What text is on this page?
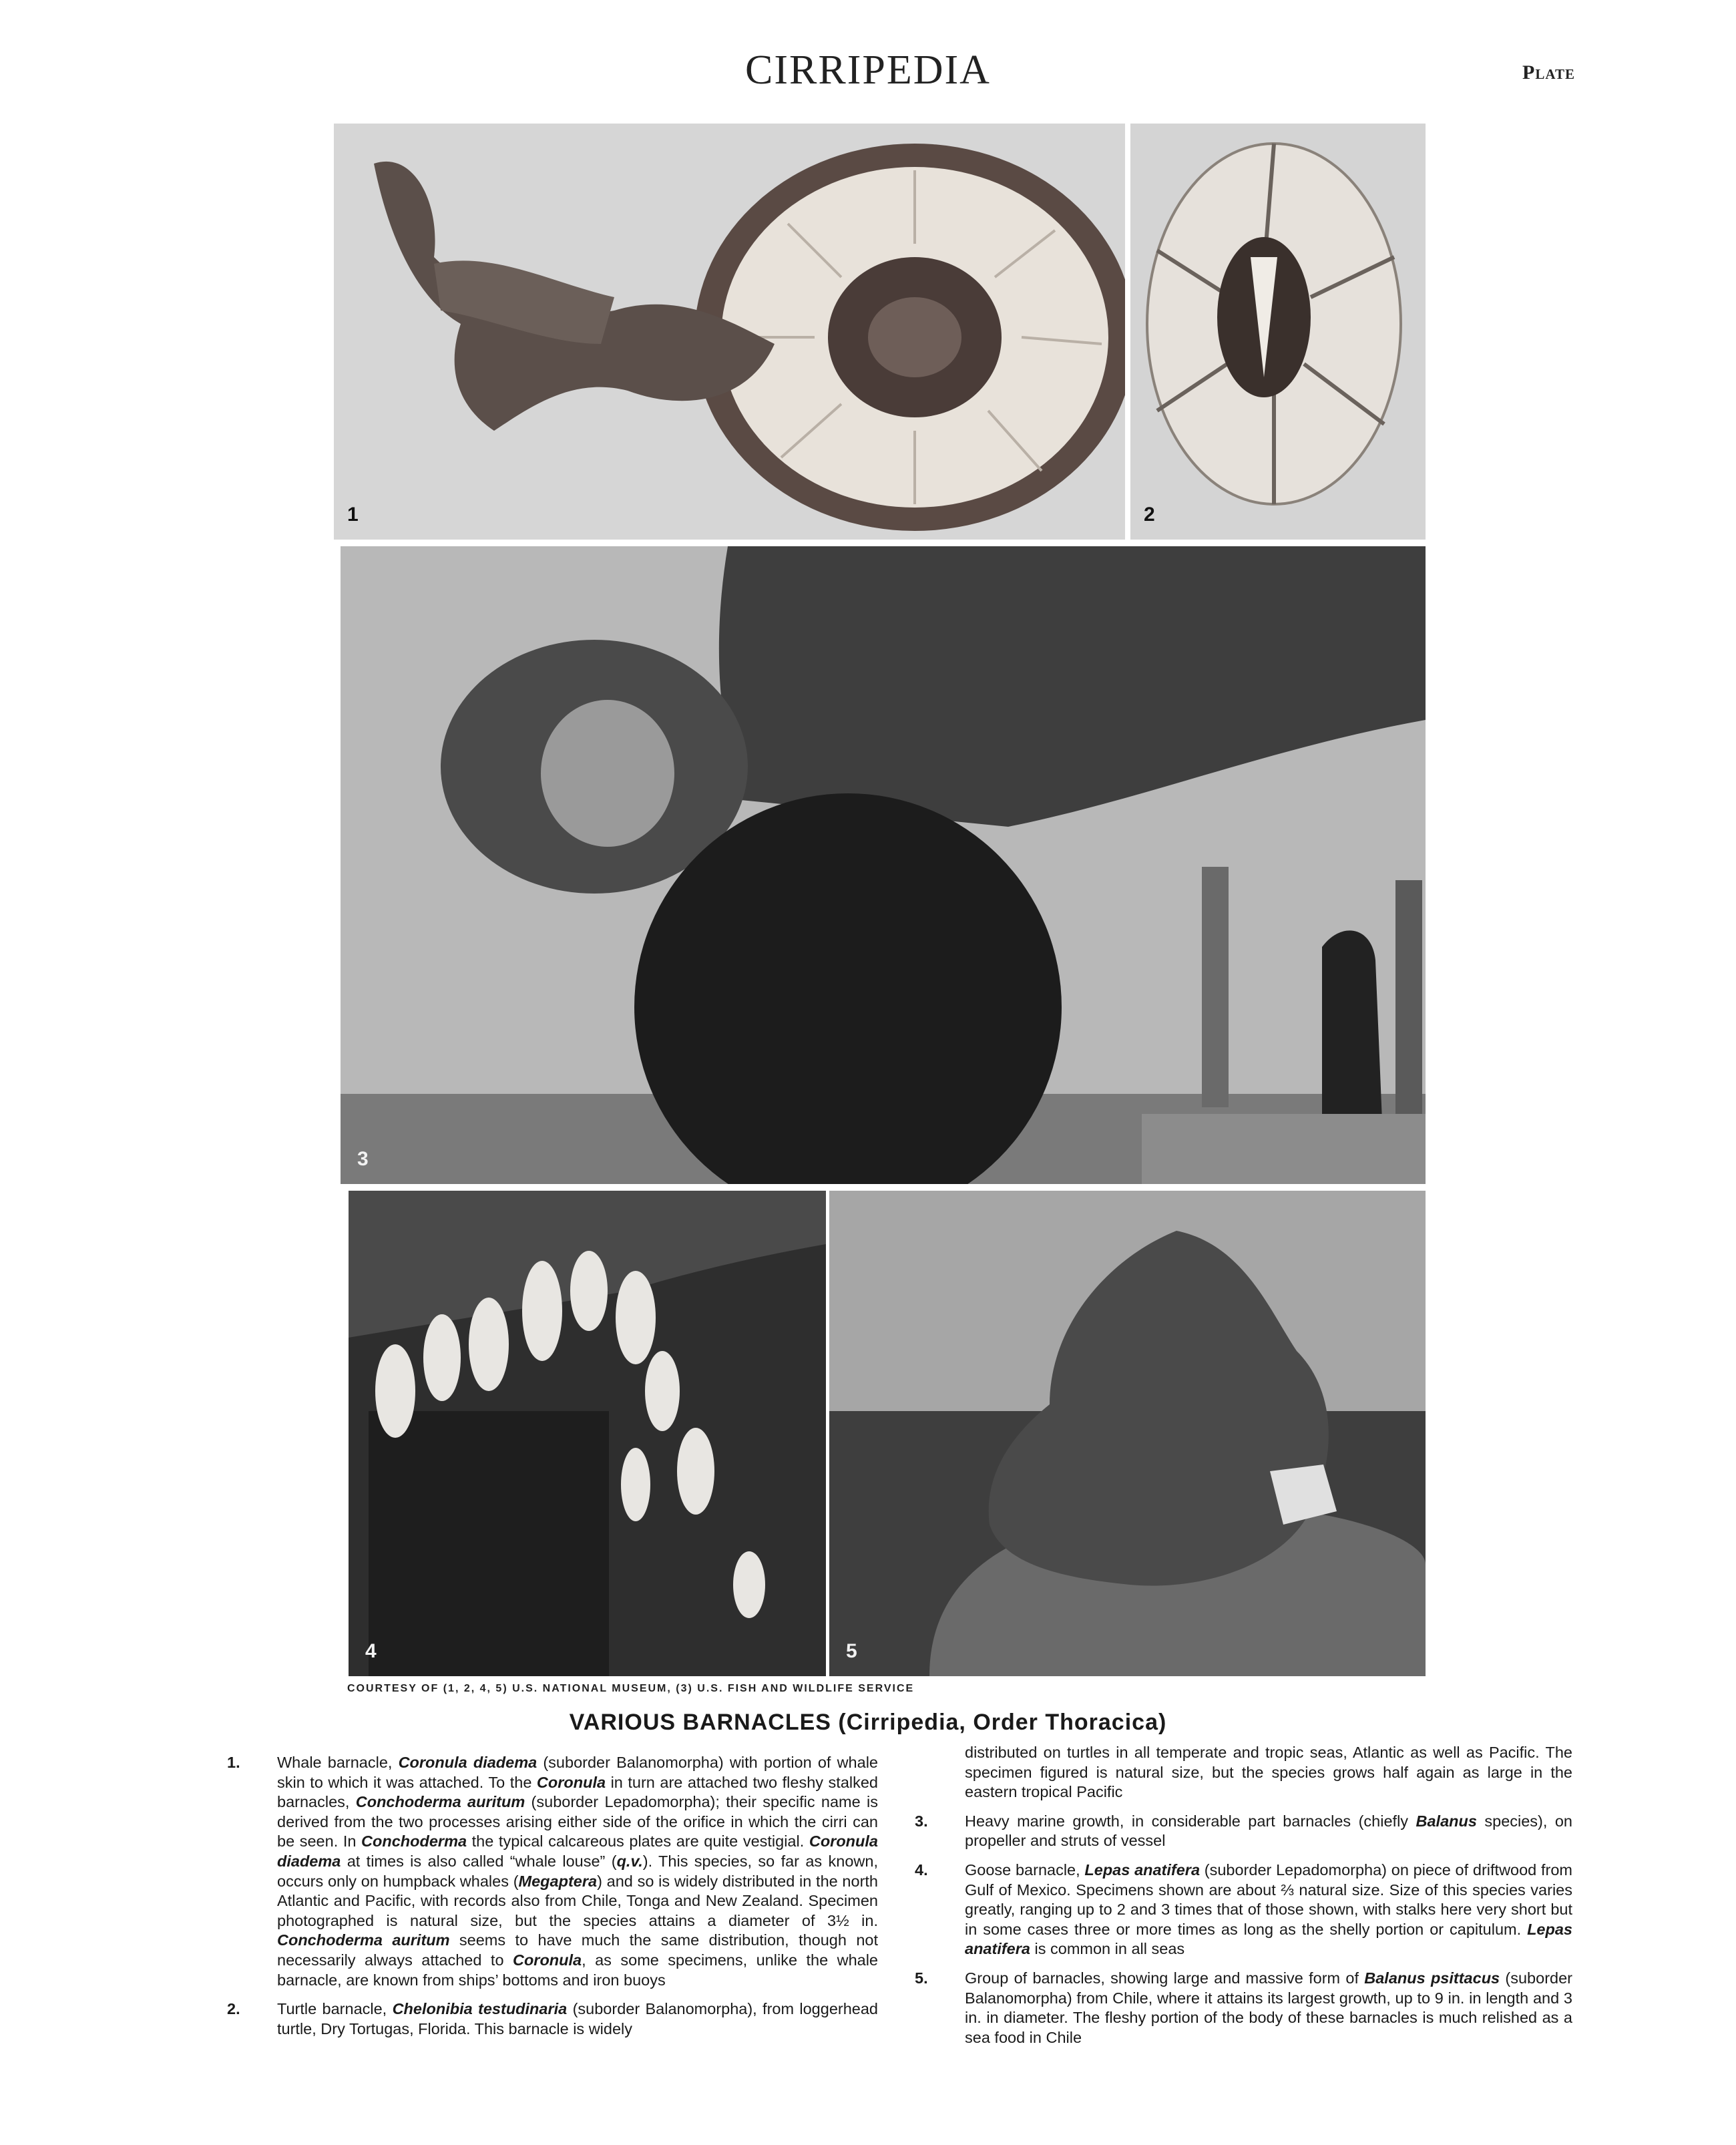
CIRRIPEDIA	Plate
1	2
3
4	5
COURTESY OF (1, 2, 4, 5) U.S. NATIONAL MUSEUM, (3) U.S. FISH AND WILDLIFE SERVICE
VARIOUS BARNACLES (Cirripedia, Order Thoracica)
1. Whale barnacle, Coronula diadema (suborder Balanomorpha) with portion of whale skin to which it was attached. To the Coronula in turn are attached two fleshy stalked barnacles, Conchoderma auritum (suborder Lepadomorpha); their specific name is derived from the two processes arising either side of the orifice in which the cirri can be seen. In Conchoderma the typical calcareous plates are quite vestigial. Coronula diadema at times is also called “whale louse” (q.v.). This species, so far as known, occurs only on humpback whales (Megaptera) and so is widely distributed in the north Atlantic and Pacific, with records also from Chile, Tonga and New Zealand. Specimen photographed is natural size, but the species attains a diameter of 3½ in. Conchoderma auritum seems to have much the same distribution, though not necessarily always attached to Coronula, as some specimens, unlike the whale barnacle, are known from ships’ bottoms and iron buoys
2. Turtle barnacle, Chelonibia testudinaria (suborder Balanomorpha), from loggerhead turtle, Dry Tortugas, Florida. This barnacle is widely
distributed on turtles in all temperate and tropic seas, Atlantic as well as Pacific. The specimen figured is natural size, but the species grows half again as large in the eastern tropical Pacific
3. Heavy marine growth, in considerable part barnacles (chiefly Balanus species), on propeller and struts of vessel
4. Goose barnacle, Lepas anatifera (suborder Lepadomorpha) on piece of driftwood from Gulf of Mexico. Specimens shown are about ⅔ natural size. Size of this species varies greatly, ranging up to 2 and 3 times that of those shown, with stalks here very short but in some cases three or more times as long as the shelly portion or capitulum. Lepas anatifera is common in all seas
5. Group of barnacles, showing large and massive form of Balanus psittacus (suborder Balanomorpha) from Chile, where it attains its largest growth, up to 9 in. in length and 3 in. in diameter. The fleshy portion of the body of these barnacles is much relished as a sea food in Chile
